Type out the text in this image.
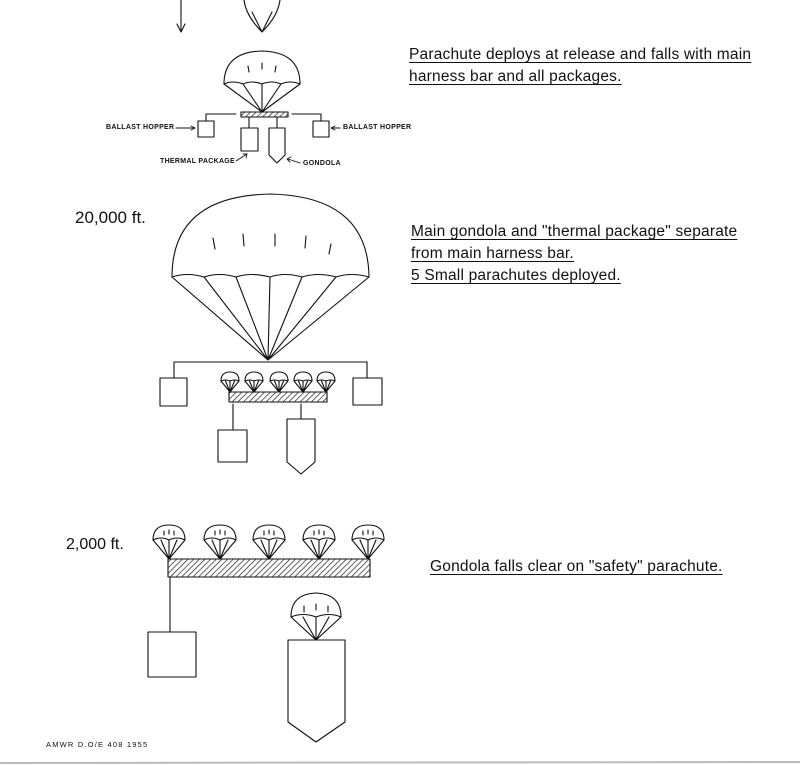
Parachute deploys at release and falls with main
harness bar and all packages.
Main gondola and "thermal package" separate
from main harness bar.
5 Small parachutes deployed.
Gondola falls clear on "safety" parachute.
20,000 ft.
2,000 ft.
BALLAST HOPPER	BALLAST HOPPER
THERMAL PACKAGE	GONDOLA
AMWR D.O/E 408 1955
